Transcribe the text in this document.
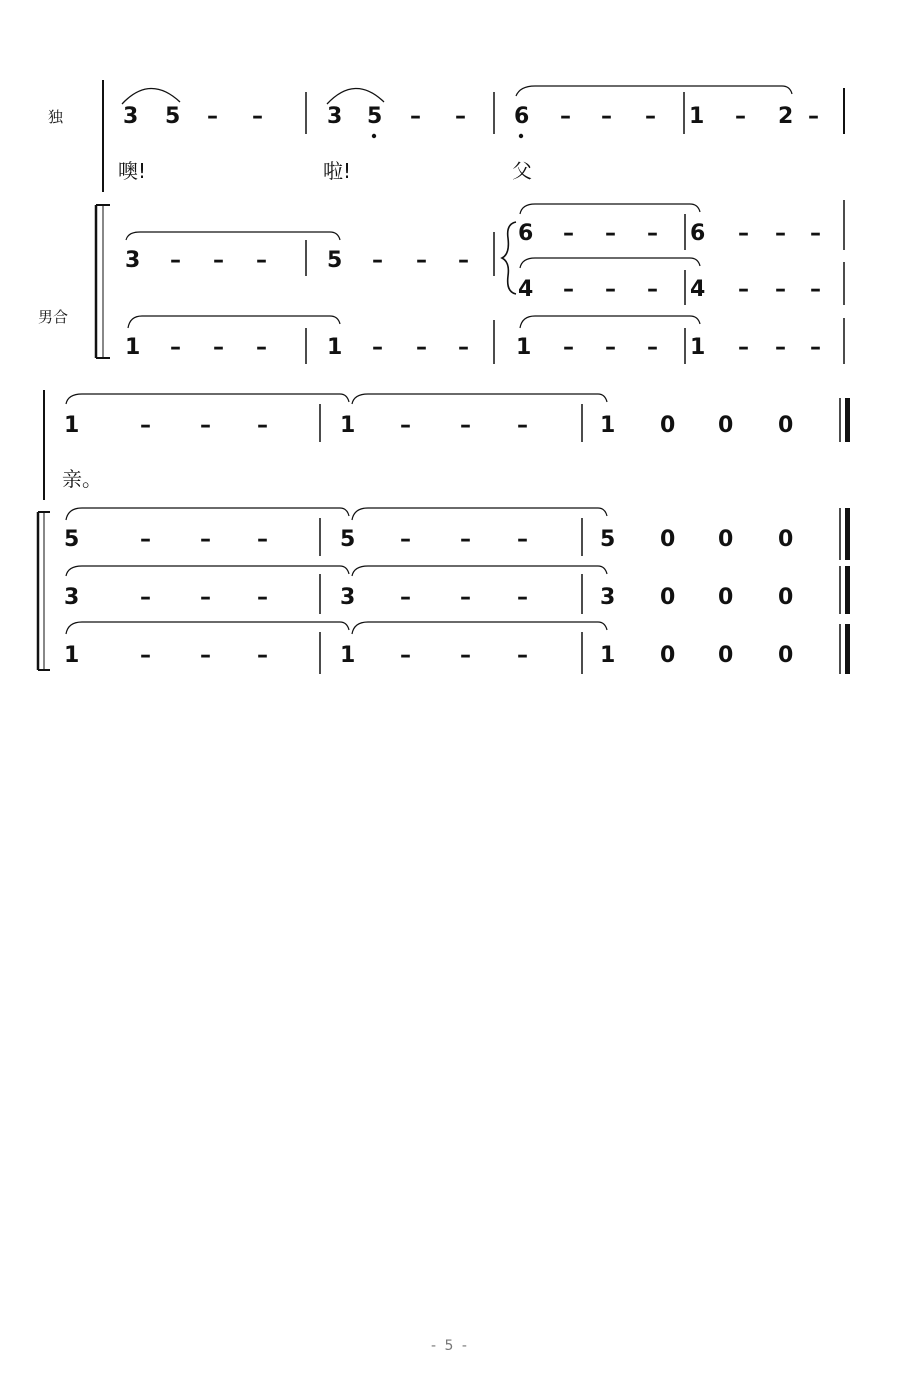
独
男合
3 5 – –	3 5 – – 6 – – – 1 – 2 –
噢!	啦!	父
3 – – –	5 – – –
6 – – – 6 – – –
4 – – – 4 – – –
1 – – –	1 – – – 1 – – – 1 – – –
1	– – –	1 – – –	1 0 0 0
亲。
5	– – –	5 – – –	5 0 0 0
3	– – –	3 – – –	3 0 0 0
1	– – –	1 – – –	1 0 0 0
- 5 -
